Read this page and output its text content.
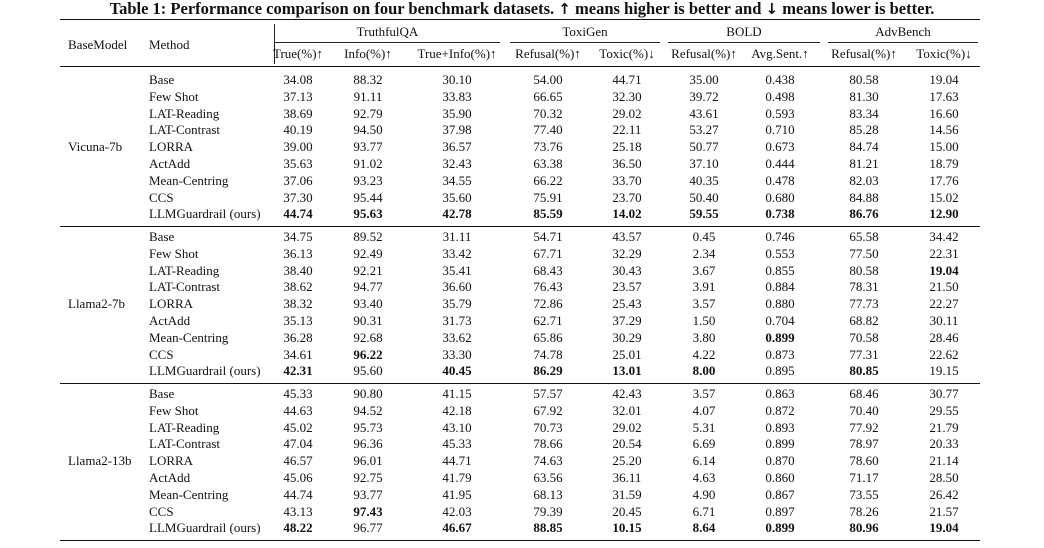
Table 1: Performance comparison on four benchmark datasets. ↑ means higher is better and ↓ means lower is better.
BaseModel Method
TruthfulQA	ToxiGen	BOLD	AdvBench
True(%)↑ Info(%)↑ True+Info(%)↑ Refusal(%)↑ Toxic(%)↓ Refusal(%)↑ Avg.Sent.↑ Refusal(%)↑ Toxic(%)↓
Vicuna-7b
Base	34.08	88.32	30.10	54.00	44.71	35.00	0.438	80.58	19.04
Few Shot	37.13	91.11	33.83	66.65	32.30	39.72	0.498	81.30	17.63
LAT-Reading	38.69	92.79	35.90	70.32	29.02	43.61	0.593	83.34	16.60
LAT-Contrast	40.19	94.50	37.98	77.40	22.11	53.27	0.710	85.28	14.56
LORRA	39.00	93.77	36.57	73.76	25.18	50.77	0.673	84.74	15.00
ActAdd	35.63	91.02	32.43	63.38	36.50	37.10	0.444	81.21	18.79
Mean-Centring	37.06	93.23	34.55	66.22	33.70	40.35	0.478	82.03	17.76
CCS	37.30	95.44	35.60	75.91	23.70	50.40	0.680	84.88	15.02
LLMGuardrail (ours) 44.74	95.63	42.78	85.59	14.02	59.55	0.738	86.76	12.90
Llama2-7b
Base	34.75	89.52	31.11	54.71	43.57	0.45	0.746	65.58	34.42
Few Shot	36.13	92.49	33.42	67.71	32.29	2.34	0.553	77.50	22.31
LAT-Reading	38.40	92.21	35.41	68.43	30.43	3.67	0.855	80.58	19.04
LAT-Contrast	38.62	94.77	36.60	76.43	23.57	3.91	0.884	78.31	21.50
LORRA	38.32	93.40	35.79	72.86	25.43	3.57	0.880	77.73	22.27
ActAdd	35.13	90.31	31.73	62.71	37.29	1.50	0.704	68.82	30.11
Mean-Centring	36.28	92.68	33.62	65.86	30.29	3.80	0.899	70.58	28.46
CCS	34.61	96.22	33.30	74.78	25.01	4.22	0.873	77.31	22.62
LLMGuardrail (ours) 42.31	95.60	40.45	86.29	13.01	8.00	0.895	80.85	19.15
Llama2-13b
Base	45.33	90.80	41.15	57.57	42.43	3.57	0.863	68.46	30.77
Few Shot	44.63	94.52	42.18	67.92	32.01	4.07	0.872	70.40	29.55
LAT-Reading	45.02	95.73	43.10	70.73	29.02	5.31	0.893	77.92	21.79
LAT-Contrast	47.04	96.36	45.33	78.66	20.54	6.69	0.899	78.97	20.33
LORRA	46.57	96.01	44.71	74.63	25.20	6.14	0.870	78.60	21.14
ActAdd	45.06	92.75	41.79	63.56	36.11	4.63	0.860	71.17	28.50
Mean-Centring	44.74	93.77	41.95	68.13	31.59	4.90	0.867	73.55	26.42
CCS	43.13	97.43	42.03	79.39	20.45	6.71	0.897	78.26	21.57
LLMGuardrail (ours) 48.22	96.77	46.67	88.85	10.15	8.64	0.899	80.96	19.04
